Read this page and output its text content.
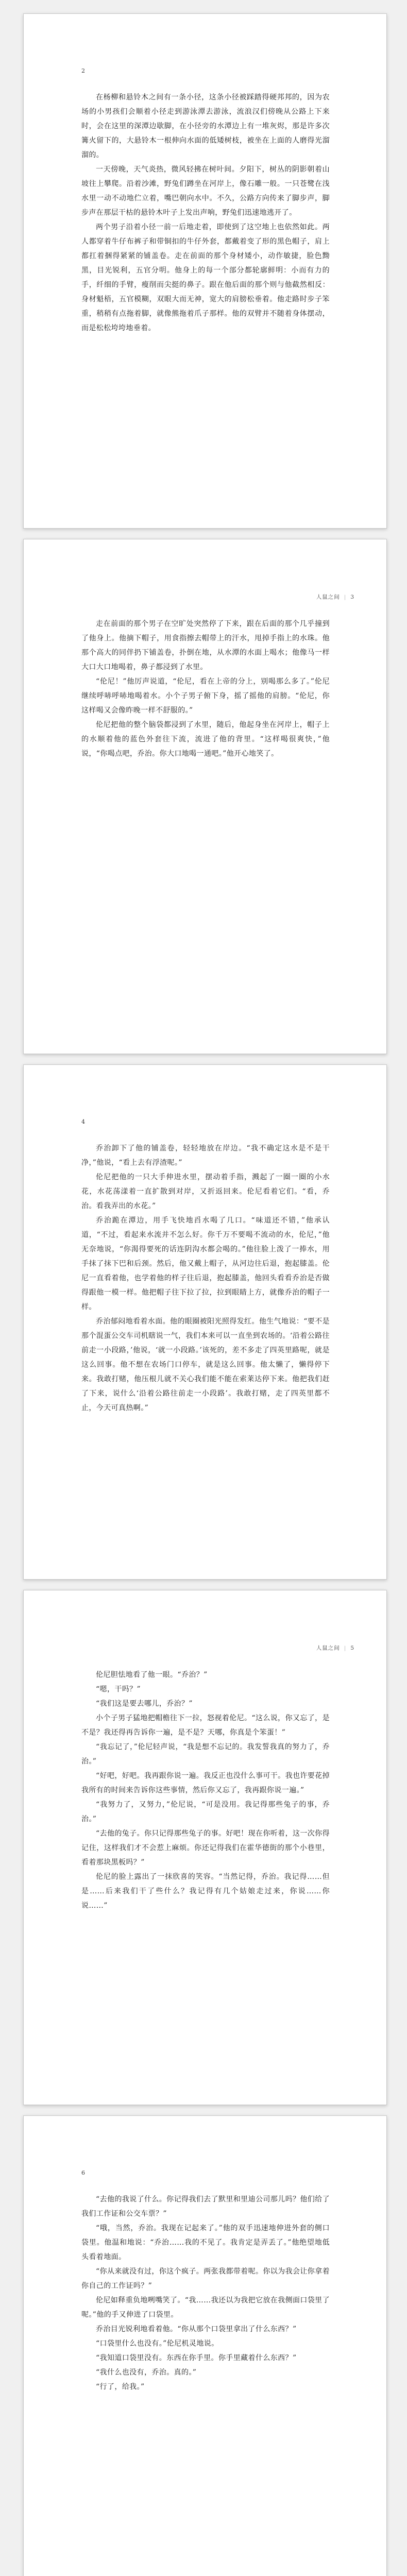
2

在杨柳和悬铃木之间有一条小径，这条小径被踩踏得硬邦邦的，因为农场的小男孩们会顺着小径走到游泳潭去游泳，流浪汉们傍晚从公路上下来时，会在这里的深潭边歇脚，在小径旁的水潭边上有一堆灰烬，那是许多次篝火留下的，大悬铃木一根伸向水面的低矮树枝，被坐在上面的人磨得光溜溜的。

一天傍晚，天气炎热，微风轻拂在树叶间。夕阳下，树丛的阴影朝着山坡往上攀爬。沿着沙滩，野兔们蹲坐在河岸上，像石雕一般。一只苍鹭在浅水里一动不动地伫立着，嘴巴朝向水中。不久，公路方向传来了脚步声，脚步声在那层干枯的悬铃木叶子上发出声响，野兔们迅速地逃开了。

两个男子沿着小径一前一后地走着，即使到了这空地上也依然如此。两人都穿着牛仔布裤子和带铜扣的牛仔外套，都戴着变了形的黑色帽子，肩上都扛着捆得紧紧的铺盖卷。走在前面的那个身材矮小，动作敏捷，脸色黝黑，目光锐利，五官分明。他身上的每一个部分都轮廓鲜明：小而有力的手，纤细的手臂，瘦削而尖挺的鼻子。跟在他后面的那个则与他截然相反：身材魁梧，五官模糊，双眼大而无神，宽大的肩膀松垂着。他走路时步子笨重，稍稍有点拖着脚，就像熊拖着爪子那样。他的双臂并不随着身体摆动，而是松松垮垮地垂着。

人鼠之间 | 3

走在前面的那个男子在空旷处突然停了下来，跟在后面的那个几乎撞到了他身上。他摘下帽子，用食指擦去帽带上的汗水，甩掉手指上的水珠。他那个高大的同伴扔下铺盖卷，扑倒在地，从水潭的水面上喝水；他像马一样大口大口地喝着，鼻子都浸到了水里。

“伦尼！”他厉声说道，“伦尼，看在上帝的分上，别喝那么多了。”伦尼继续呼哧呼哧地喝着水。小个子男子俯下身，摇了摇他的肩膀。“伦尼，你这样喝又会像昨晚一样不舒服的。”

伦尼把他的整个脑袋都浸到了水里，随后，他起身坐在河岸上，帽子上的水顺着他的蓝色外套往下流，流进了他的背里。“这样喝很爽快，”他说，“你喝点吧，乔治。你大口地喝一通吧。”他开心地笑了。

4

乔治卸下了他的铺盖卷，轻轻地放在岸边。“我不确定这水是不是干净，”他说，“看上去有浮渣呢。”

伦尼把他的一只大手伸进水里，摆动着手指，溅起了一圈一圈的小水花，水花荡漾着一直扩散到对岸，又折返回来。伦尼看着它们。“看，乔治。看我弄出的水花。”

乔治跪在潭边，用手飞快地舀水喝了几口。“味道还不错，”他承认道，“不过，看起来水流并不怎么好。你千万不要喝不流动的水，伦尼，”他无奈地说，“你渴得要死的话连阴沟水都会喝的。”他往脸上泼了一捧水，用手抹了抹下巴和后颈。然后，他又戴上帽子，从河边往后退，抱起膝盖。伦尼一直看着他，也学着他的样子往后退，抱起膝盖，他回头看看乔治是否做得跟他一模一样。他把帽子往下拉了拉，拉到眼睛上方，就像乔治的帽子一样。

乔治郁闷地看着水面。他的眼圈被阳光照得发红。他生气地说：“要不是那个混蛋公交车司机瞎说一气，我们本来可以一直坐到农场的。‘沿着公路往前走一小段路，’他说，‘就一小段路。’该死的，差不多走了四英里路呢，就是这么回事。他不想在农场门口停车，就是这么回事。他太懒了，懒得停下来。我敢打赌，他压根儿就不关心我们能不能在索莱达停下来。他把我们赶了下来，说什么‘沿着公路往前走一小段路’。我敢打赌，走了四英里都不止，今天可真热啊。”

人鼠之间 | 5

伦尼胆怯地看了他一眼。“乔治？”

“嗯，干吗？”

“我们这是要去哪儿，乔治？”

小个子男子猛地把帽檐往下一拉，怒视着伦尼。“这么说，你又忘了，是不是？我还得再告诉你一遍，是不是？天哪，你真是个笨蛋！”

“我忘记了，”伦尼轻声说，“我是想不忘记的。我发誓我真的努力了，乔治。”

“好吧，好吧。我再跟你说一遍。我反正也没什么事可干。我也许要花掉我所有的时间来告诉你这些事情，然后你又忘了，我再跟你说一遍。”

“我努力了，又努力，”伦尼说，“可是没用。我记得那些兔子的事，乔治。”

“去他的兔子。你只记得那些兔子的事。好吧！现在你听着，这一次你得记住，这样我们才不会惹上麻烦。你还记得我们在霍华德街的那个小巷里，看着那块黑板吗？”

伦尼的脸上露出了一抹欣喜的笑容。“当然记得，乔治。我记得……但是……后来我们干了些什么？我记得有几个姑娘走过来，你说……你说……”

6

“去他的我说了什么。你记得我们去了默里和里迪公司那儿吗？他们给了我们工作证和公交车票？”

“哦，当然，乔治。我现在记起来了。”他的双手迅速地伸进外套的侧口袋里。他温和地说：“乔治……我的不见了。我肯定是弄丢了。”他绝望地低头看着地面。

“你从来就没有过，你这个疯子。两张我都带着呢。你以为我会让你拿着你自己的工作证吗？”

伦尼如释重负地咧嘴笑了。“我……我还以为我把它放在我侧面口袋里了呢。”他的手又伸进了口袋里。

乔治目光锐利地看着他。“你从那个口袋里拿出了什么东西？”

“口袋里什么也没有。”伦尼机灵地说。

“我知道口袋里没有。东西在你手里。你手里藏着什么东西？”

“我什么也没有，乔治。真的。”

“行了，给我。”
